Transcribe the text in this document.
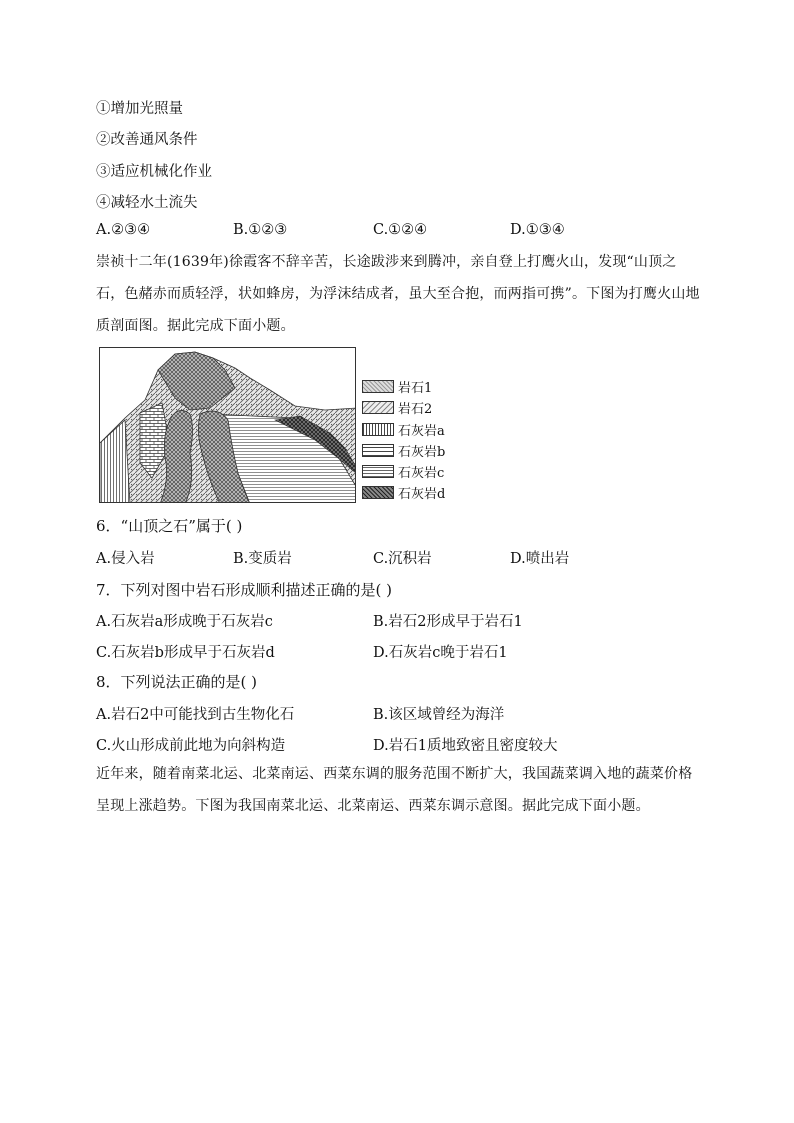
①增加光照量
②改善通风条件
③适应机械化作业
④减轻水土流失
A.②③④	B.①②③	C.①②④	D.①③④
崇祯十二年(1639年)徐霞客不辞辛苦，长途跋涉来到腾冲，亲自登上打鹰火山，发现“山顶之石，色赭赤而质轻浮，状如蜂房，为浮沫结成者，虽大至合抱，而两指可携”。下图为打鹰火山地质剖面图。据此完成下面小题。
岩石1
岩石2
石灰岩a
石灰岩b
石灰岩c
石灰岩d
6．“山顶之石”属于( )
A.侵入岩	B.变质岩	C.沉积岩	D.喷出岩
7．下列对图中岩石形成顺利描述正确的是( )
A.石灰岩a形成晚于石灰岩c	B.岩石2形成早于岩石1
C.石灰岩b形成早于石灰岩d	D.石灰岩c晚于岩石1
8．下列说法正确的是( )
A.岩石2中可能找到古生物化石	B.该区域曾经为海洋
C.火山形成前此地为向斜构造	D.岩石1质地致密且密度较大
近年来，随着南菜北运、北菜南运、西菜东调的服务范围不断扩大，我国蔬菜调入地的蔬菜价格呈现上涨趋势。下图为我国南菜北运、北菜南运、西菜东调示意图。据此完成下面小题。
